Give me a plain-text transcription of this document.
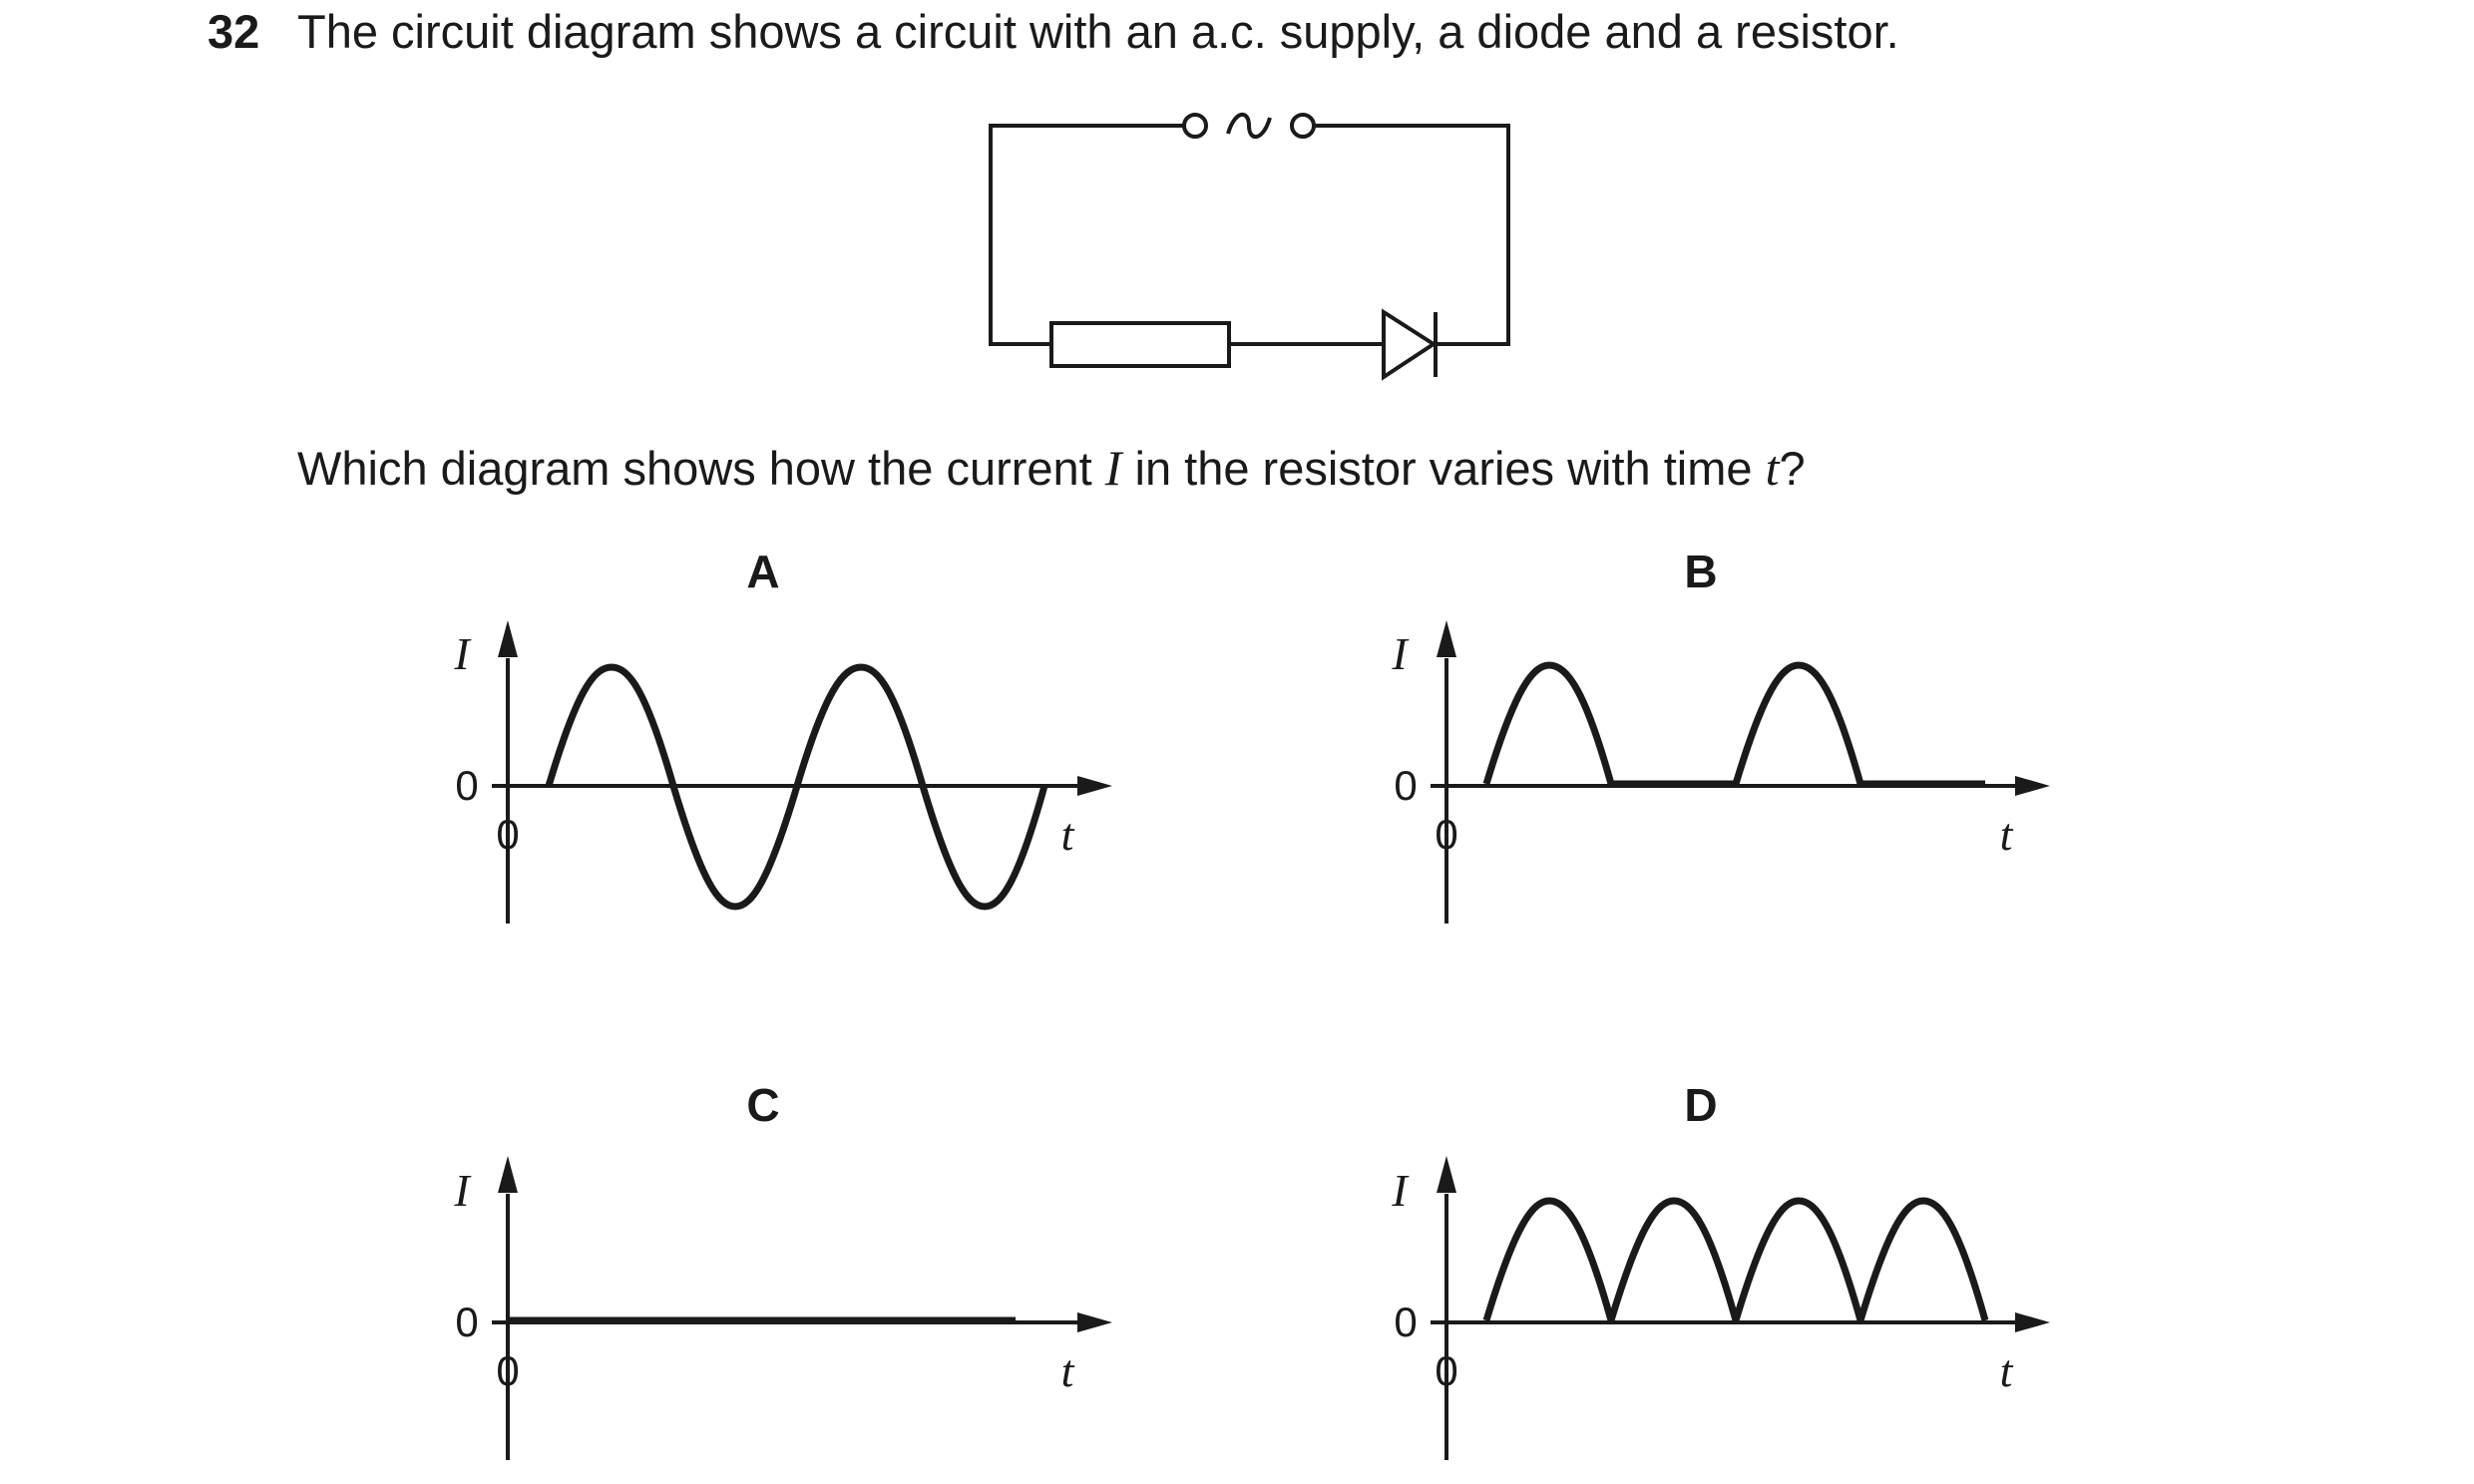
32 The circuit diagram shows a circuit with an a.c. supply, a diode and a resistor.
A
I
0
0	t
B
I
0
0	t
C
I
0
0	t
D
I
0
0	t
Which diagram shows how the current I in the resistor varies with time t?
